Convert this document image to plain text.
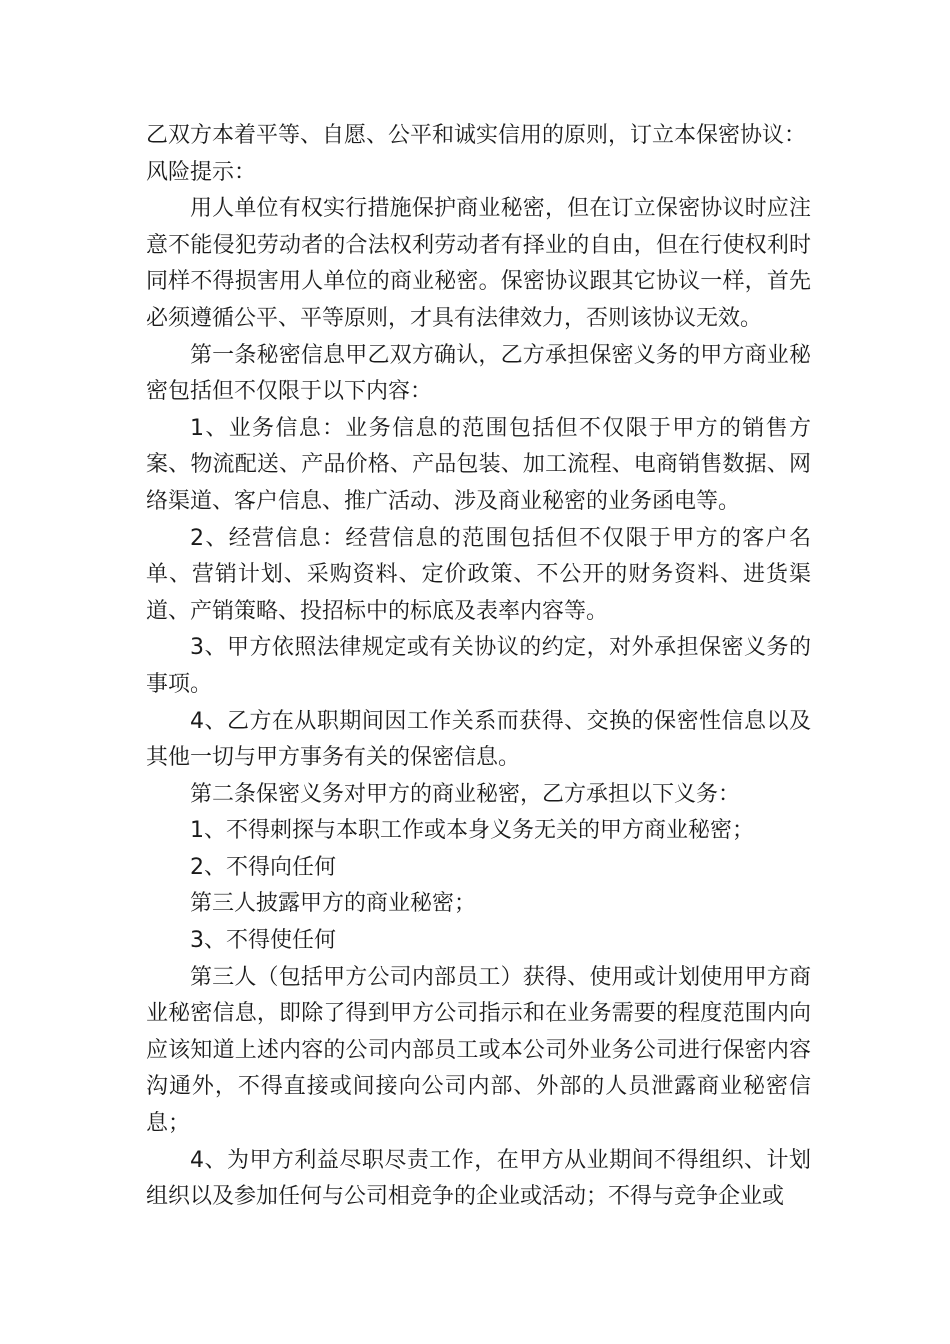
乙双方本着平等、自愿、公平和诚实信用的原则，订立本保密协议：

风险提示：

用人单位有权实行措施保护商业秘密，但在订立保密协议时应注意不能侵犯劳动者的合法权利劳动者有择业的自由，但在行使权利时同样不得损害用人单位的商业秘密。保密协议跟其它协议一样，首先必须遵循公平、平等原则，才具有法律效力，否则该协议无效。

第一条秘密信息甲乙双方确认，乙方承担保密义务的甲方商业秘密包括但不仅限于以下内容：

1、业务信息：业务信息的范围包括但不仅限于甲方的销售方案、物流配送、产品价格、产品包装、加工流程、电商销售数据、网络渠道、客户信息、推广活动、涉及商业秘密的业务函电等。

2、经营信息：经营信息的范围包括但不仅限于甲方的客户名单、营销计划、采购资料、定价政策、不公开的财务资料、进货渠道、产销策略、投招标中的标底及表率内容等。

3、甲方依照法律规定或有关协议的约定，对外承担保密义务的事项。

4、乙方在从职期间因工作关系而获得、交换的保密性信息以及其他一切与甲方事务有关的保密信息。

第二条保密义务对甲方的商业秘密，乙方承担以下义务：

1、不得刺探与本职工作或本身义务无关的甲方商业秘密；

2、不得向任何

第三人披露甲方的商业秘密；

3、不得使任何

第三人（包括甲方公司内部员工）获得、使用或计划使用甲方商业秘密信息，即除了得到甲方公司指示和在业务需要的程度范围内向应该知道上述内容的公司内部员工或本公司外业务公司进行保密内容沟通外，不得直接或间接向公司内部、外部的人员泄露商业秘密信息；

4、为甲方利益尽职尽责工作，在甲方从业期间不得组织、计划组织以及参加任何与公司相竞争的企业或活动；不得与竞争企业或
